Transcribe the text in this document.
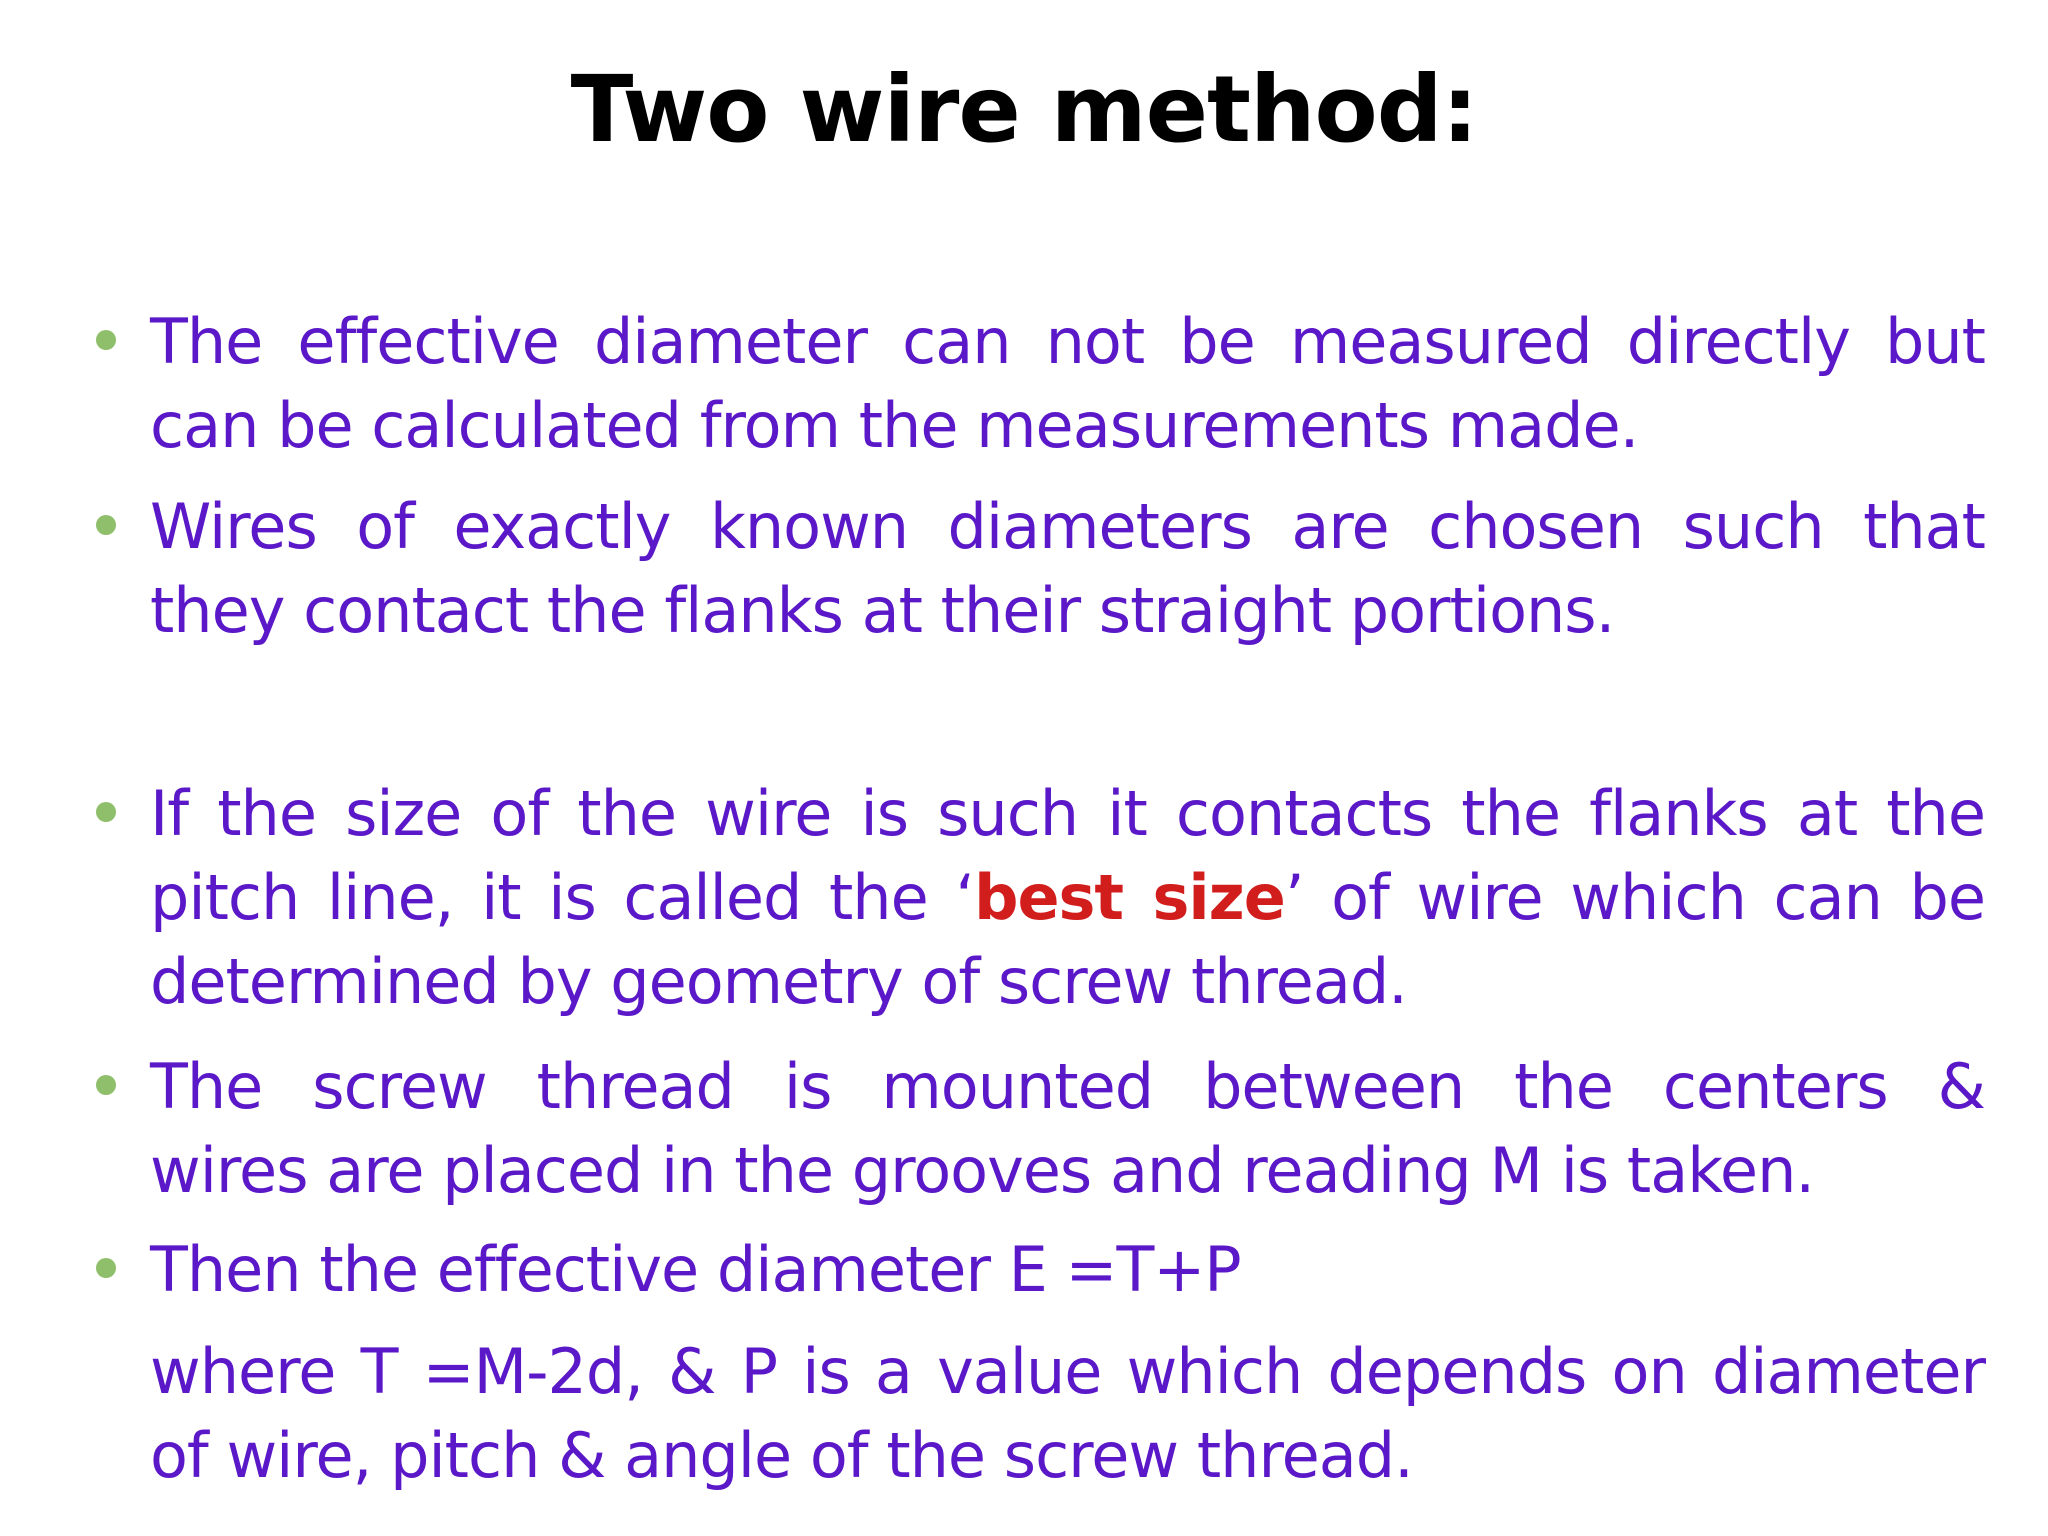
Two wire method:
The effective diameter can not be measured directly but
can be calculated from the measurements made.
Wires of exactly known diameters are chosen such that
they contact the flanks at their straight portions.
If the size of the wire is such it contacts the flanks at the
pitch line, it is called the ‘best size’ of wire which can be
determined by geometry of screw thread.
The screw thread is mounted between the centers &
wires are placed in the grooves and reading M is taken.
Then the effective diameter E =T+P
where T =M-2d, & P is a value which depends on diameter
of wire, pitch & angle of the screw thread.
